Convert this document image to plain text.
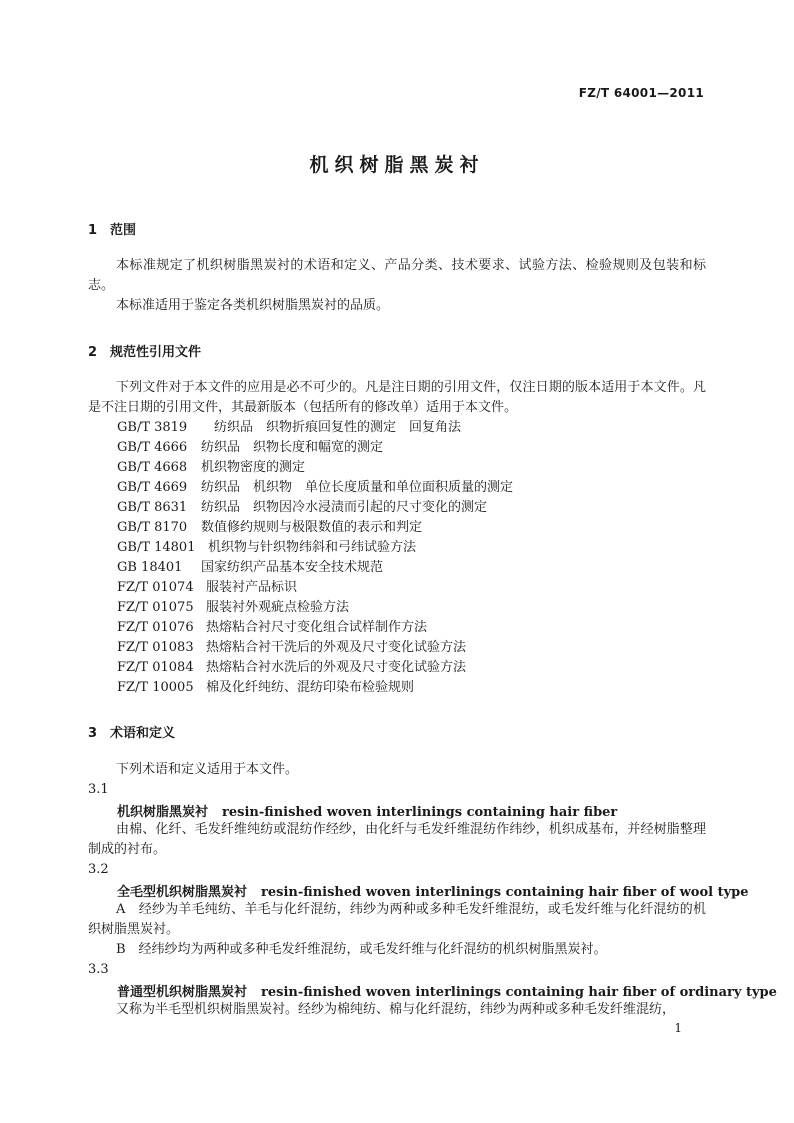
FZ/T 64001—2011
机织树脂黑炭衬
1 范围
本标准规定了机织树脂黑炭衬的术语和定义、产品分类、技术要求、试验方法、检验规则及包装和标志。
本标准适用于鉴定各类机织树脂黑炭衬的品质。
2 规范性引用文件
下列文件对于本文件的应用是必不可少的。凡是注日期的引用文件，仅注日期的版本适用于本文件。凡是不注日期的引用文件，其最新版本（包括所有的修改单）适用于本文件。
GB/T 3819 纺织品　织物折痕回复性的测定　回复角法
GB/T 4666 纺织品　织物长度和幅宽的测定
GB/T 4668 机织物密度的测定
GB/T 4669 纺织品　机织物　单位长度质量和单位面积质量的测定
GB/T 8631 纺织品　织物因冷水浸渍而引起的尺寸变化的测定
GB/T 8170 数值修约规则与极限数值的表示和判定
GB/T 14801 机织物与针织物纬斜和弓纬试验方法
GB 18401 国家纺织产品基本安全技术规范
FZ/T 01074 服装衬产品标识
FZ/T 01075 服装衬外观疵点检验方法
FZ/T 01076 热熔粘合衬尺寸变化组合试样制作方法
FZ/T 01083 热熔粘合衬干洗后的外观及尺寸变化试验方法
FZ/T 01084 热熔粘合衬水洗后的外观及尺寸变化试验方法
FZ/T 10005 棉及化纤纯纺、混纺印染布检验规则
3 术语和定义
下列术语和定义适用于本文件。
3.1
机织树脂黑炭衬 resin-finished woven interlinings containing hair fiber
由棉、化纤、毛发纤维纯纺或混纺作经纱，由化纤与毛发纤维混纺作纬纱，机织成基布，并经树脂整理制成的衬布。
3.2
全毛型机织树脂黑炭衬 resin-finished woven interlinings containing hair fiber of wool type
A　经纱为羊毛纯纺、羊毛与化纤混纺，纬纱为两种或多种毛发纤维混纺，或毛发纤维与化纤混纺的机织树脂黑炭衬。
B　经纬纱均为两种或多种毛发纤维混纺，或毛发纤维与化纤混纺的机织树脂黑炭衬。
3.3
普通型机织树脂黑炭衬 resin-finished woven interlinings containing hair fiber of ordinary type
又称为半毛型机织树脂黑炭衬。经纱为棉纯纺、棉与化纤混纺，纬纱为两种或多种毛发纤维混纺，
1
